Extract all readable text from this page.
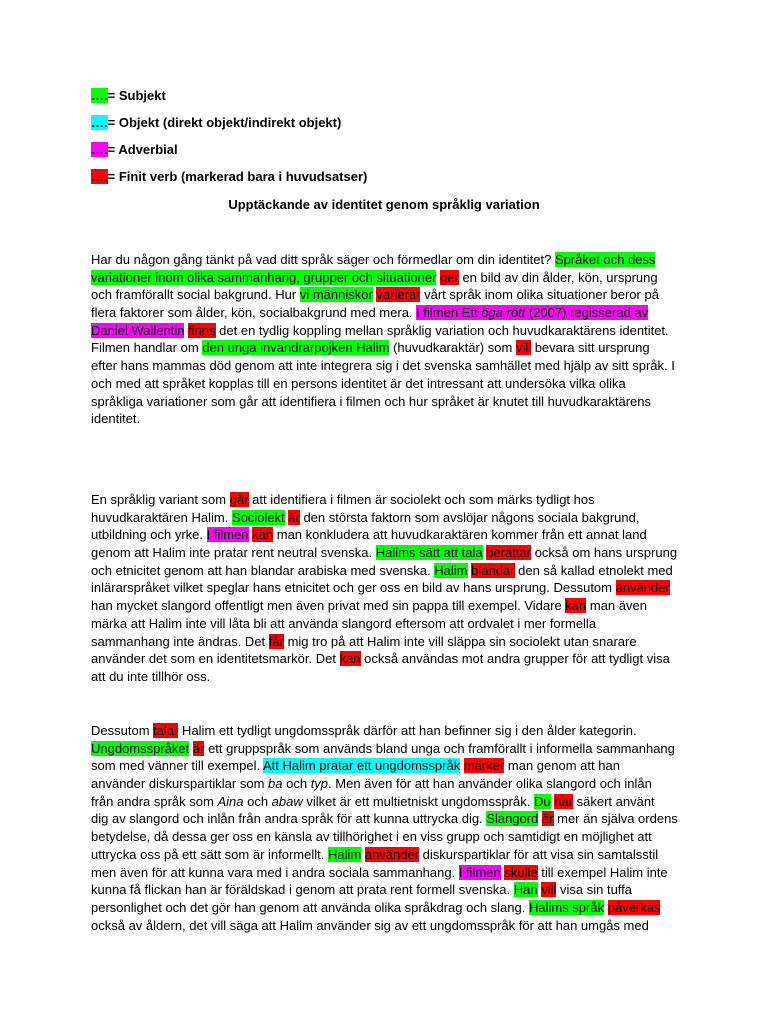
….= Subjekt
….= Objekt (direkt objekt/indirekt objekt)
….= Adverbial
….= Finit verb (markerad bara i huvudsatser)
Upptäckande av identitet genom språklig variation
Har du någon gång tänkt på vad ditt språk säger och förmedlar om din identitet? Språket och dess
variationer inom olika sammanhang, grupper och situationer ger en bild av din ålder, kön, ursprung
och framförallt social bakgrund. Hur vi människor varierar vårt språk inom olika situationer beror på
flera faktorer som ålder, kön, socialbakgrund med mera. I filmen Ett öga rött (2007) regisserad av
Daniel Wallentin finns det en tydlig koppling mellan språklig variation och huvudkaraktärens identitet.
Filmen handlar om den unga invandrarpojken Halim (huvudkaraktär) som vill bevara sitt ursprung
efter hans mammas död genom att inte integrera sig i det svenska samhället med hjälp av sitt språk. I
och med att språket kopplas till en persons identitet är det intressant att undersöka vilka olika
språkliga variationer som går att identifiera i filmen och hur språket är knutet till huvudkaraktärens
identitet.
En språklig variant som går att identifiera i filmen är sociolekt och som märks tydligt hos
huvudkaraktären Halim. Sociolekt är den största faktorn som avslöjar någons sociala bakgrund,
utbildning och yrke. I filmen kan man konkludera att huvudkaraktären kommer från ett annat land
genom att Halim inte pratar rent neutral svenska. Halims sätt att tala berättar också om hans ursprung
och etnicitet genom att han blandar arabiska med svenska. Halim blandar den så kallad etnolekt med
inlärarspråket vilket speglar hans etnicitet och ger oss en bild av hans ursprung. Dessutom använder
han mycket slangord offentligt men även privat med sin pappa till exempel. Vidare kan man även
märka att Halim inte vill låta bli att använda slangord eftersom att ordvalet i mer formella
sammanhang inte ändras. Det får mig tro på att Halim inte vill släppa sin sociolekt utan snarare
använder det som en identitetsmarkör. Det kan också användas mot andra grupper för att tydligt visa
att du inte tillhör oss.
Dessutom talar Halim ett tydligt ungdomsspråk därför att han befinner sig i den ålder kategorin.
Ungdomsspråket är ett gruppspråk som används bland unga och framförallt i informella sammanhang
som med vänner till exempel. Att Halim pratar ett ungdomsspråk märker man genom att han
använder diskurspartiklar som ba och typ. Men även för att han använder olika slangord och inlån
från andra språk som Aina och abaw vilket är ett multietniskt ungdomsspråk. Du har säkert använt
dig av slangord och inlån från andra språk för att kunna uttrycka dig. Slangord är mer än själva ordens
betydelse, då dessa ger oss en känsla av tillhörighet i en viss grupp och samtidigt en möjlighet att
uttrycka oss på ett sätt som är informellt. Halim använder diskurspartiklar för att visa sin samtalsstil
men även för att kunna vara med i andra sociala sammanhang. I filmen skulle till exempel Halim inte
kunna få flickan han är föräldskad i genom att prata rent formell svenska. Han vill visa sin tuffa
personlighet och det gör han genom att använda olika språkdrag och slang. Halims språk påverkas
också av åldern, det vill säga att Halim använder sig av ett ungdomsspråk för att han umgås med
